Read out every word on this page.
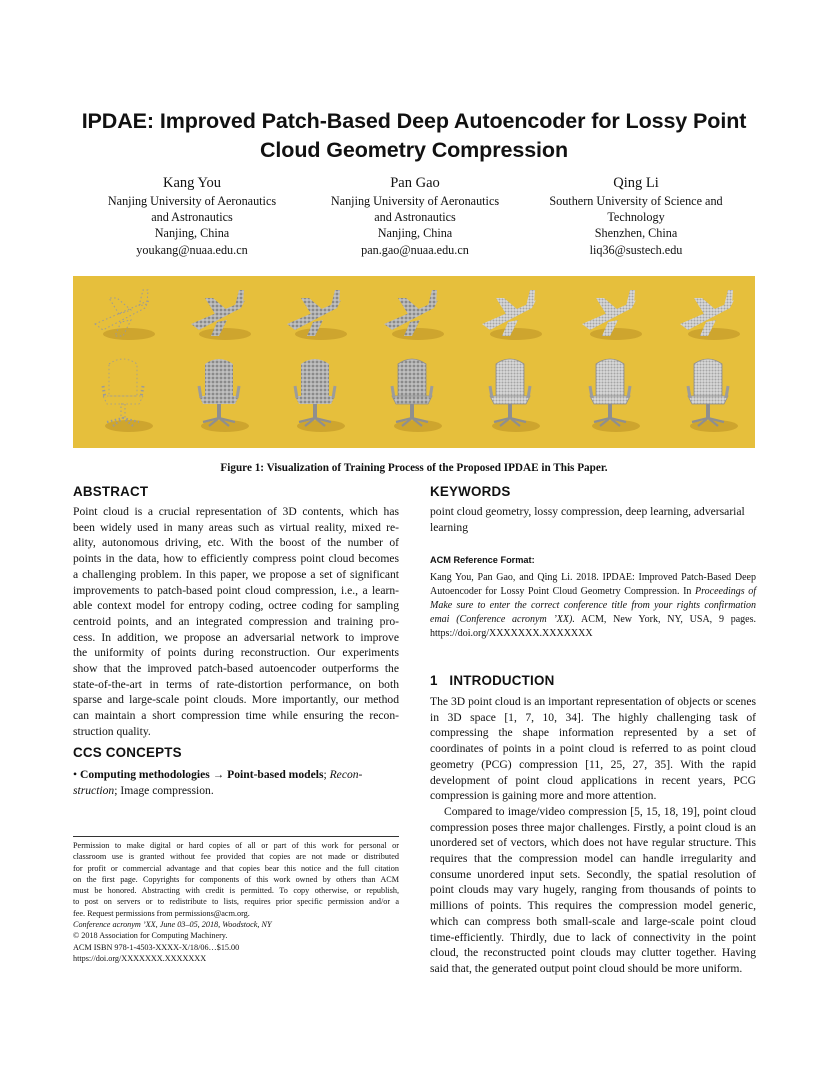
IPDAE: Improved Patch-Based Deep Autoencoder for Lossy Point
Cloud Geometry Compression
Kang You
Nanjing University of Aeronautics
and Astronautics
Nanjing, China
youkang@nuaa.edu.cn
Pan Gao
Nanjing University of Aeronautics
and Astronautics
Nanjing, China
pan.gao@nuaa.edu.cn
Qing Li
Southern University of Science and
Technology
Shenzhen, China
liq36@sustech.edu
Figure 1: Visualization of Training Process of the Proposed IPDAE in This Paper.
ABSTRACT
Point cloud is a crucial representation of 3D contents, which has
been widely used in many areas such as virtual reality, mixed re-
ality, autonomous driving, etc. With the boost of the number of
points in the data, how to efficiently compress point cloud becomes
a challenging problem. In this paper, we propose a set of significant
improvements to patch-based point cloud compression, i.e., a learn-
able context model for entropy coding, octree coding for sampling
centroid points, and an integrated compression and training pro-
cess. In addition, we propose an adversarial network to improve
the uniformity of points during reconstruction. Our experiments
show that the improved patch-based autoencoder outperforms the
state-of-the-art in terms of rate-distortion performance, on both
sparse and large-scale point clouds. More importantly, our method
can maintain a short compression time while ensuring the recon-
struction quality.
CCS CONCEPTS
• Computing methodologies → Point-based models; Recon-
struction; Image compression.
Permission to make digital or hard copies of all or part of this work for personal or
classroom use is granted without fee provided that copies are not made or distributed
for profit or commercial advantage and that copies bear this notice and the full citation
on the first page. Copyrights for components of this work owned by others than ACM
must be honored. Abstracting with credit is permitted. To copy otherwise, or republish,
to post on servers or to redistribute to lists, requires prior specific permission and/or a
fee. Request permissions from permissions@acm.org.
Conference acronym ’XX, June 03–05, 2018, Woodstock, NY
© 2018 Association for Computing Machinery.
ACM ISBN 978-1-4503-XXXX-X/18/06…$15.00
https://doi.org/XXXXXXX.XXXXXXX
KEYWORDS

point cloud geometry, lossy compression, deep learning, adversarial learning

ACM Reference Format:
Kang You, Pan Gao, and Qing Li. 2018. IPDAE: Improved Patch-Based Deep Autoencoder for Lossy Point Cloud Geometry Compression. In Proceedings of Make sure to enter the correct conference title from your rights confirmation emai (Conference acronym ’XX). ACM, New York, NY, USA, 9 pages. https://doi.org/XXXXXXX.XXXXXXX
1   INTRODUCTION

The 3D point cloud is an important representation of objects or scenes in 3D space [1, 7, 10, 34]. The highly challenging task of compressing the shape information represented by a set of coordinates of points in a point cloud is referred to as point cloud geometry (PCG) compression [11, 25, 27, 35]. With the rapid development of point cloud applications in recent years, PCG compression is gaining more and more attention.

Compared to image/video compression [5, 15, 18, 19], point cloud compression poses three major challenges. Firstly, a point cloud is an unordered set of vectors, which does not have regular structure. This requires that the compression model can handle irregularity and consume unordered input sets. Secondly, the spatial resolution of point clouds may vary hugely, ranging from thousands of points to millions of points. This requires the compression model generic, which can compress both small-scale and large-scale point cloud time-efficiently. Thirdly, due to lack of connectivity in the point cloud, the reconstructed point clouds may clutter together. Having said that, the generated output point cloud should be more uniform.
